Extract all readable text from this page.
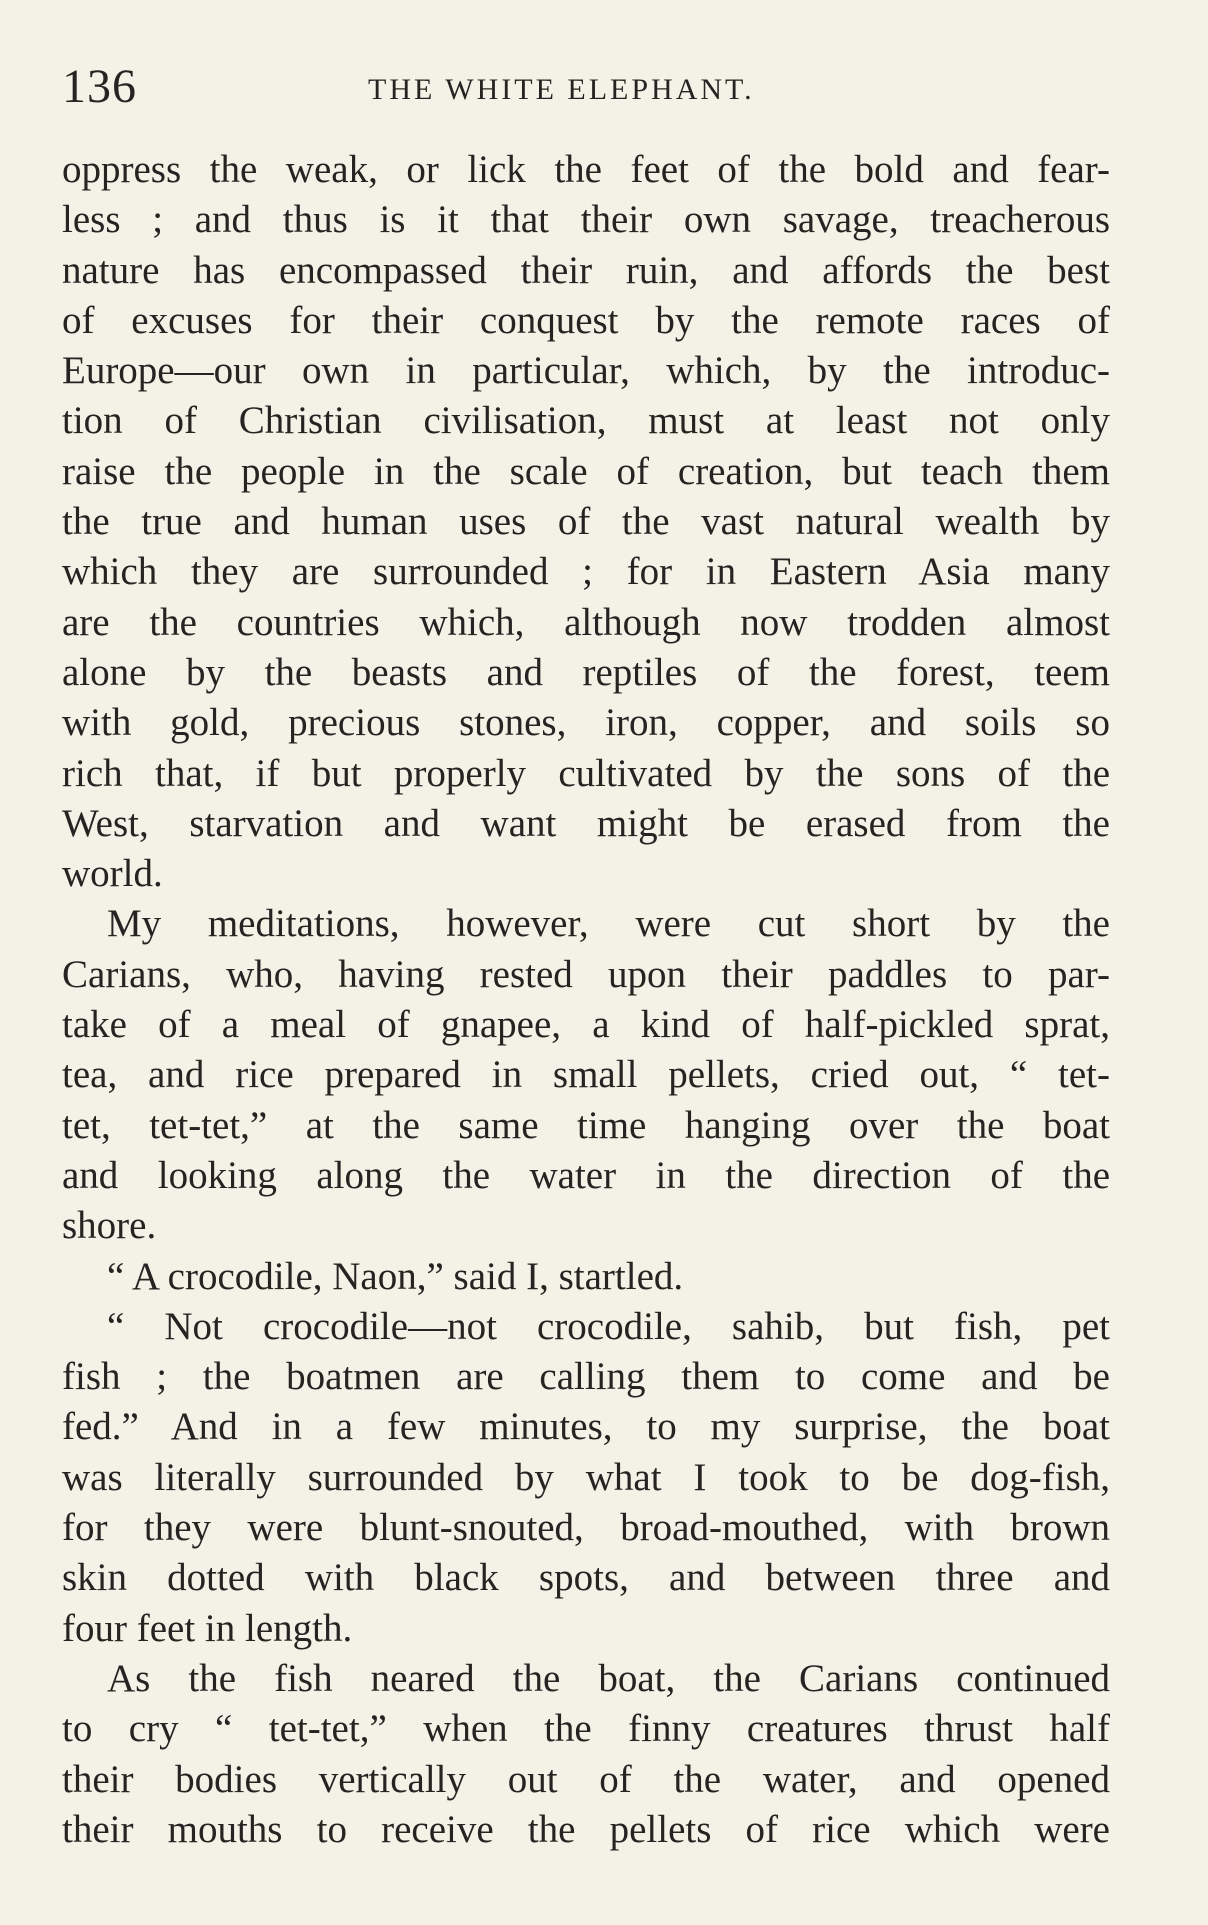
136	THE WHITE ELEPHANT.
oppress the weak, or lick the feet of the bold and fear-
less ; and thus is it that their own savage, treacherous
nature has encompassed their ruin, and affords the best
of excuses for their conquest by the remote races of
Europe—our own in particular, which, by the introduc-
tion of Christian civilisation, must at least not only
raise the people in the scale of creation, but teach them
the true and human uses of the vast natural wealth by
which they are surrounded ; for in Eastern Asia many
are the countries which, although now trodden almost
alone by the beasts and reptiles of the forest, teem
with gold, precious stones, iron, copper, and soils so
rich that, if but properly cultivated by the sons of the
West, starvation and want might be erased from the
world.
My meditations, however, were cut short by the
Carians, who, having rested upon their paddles to par-
take of a meal of gnapee, a kind of half-pickled sprat,
tea, and rice prepared in small pellets, cried out, “ tet-
tet, tet-tet,” at the same time hanging over the boat
and looking along the water in the direction of the
shore.
“ A crocodile, Naon,” said I, startled.
“ Not crocodile—not crocodile, sahib, but fish, pet
fish ; the boatmen are calling them to come and be
fed.” And in a few minutes, to my surprise, the boat
was literally surrounded by what I took to be dog-fish,
for they were blunt-snouted, broad-mouthed, with brown
skin dotted with black spots, and between three and
four feet in length.
As the fish neared the boat, the Carians continued
to cry “ tet-tet,” when the finny creatures thrust half
their bodies vertically out of the water, and opened
their mouths to receive the pellets of rice which were
